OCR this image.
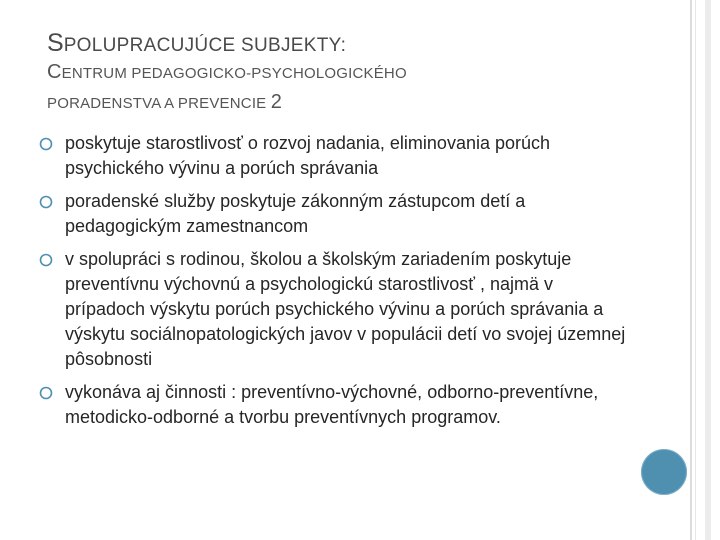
SPOLUPRACUJÚCE SUBJEKTY:

CENTRUM PEDAGOGICKO-PSYCHOLOGICKÉHO
PORADENSTVA A PREVENCIE 2

poskytuje starostlivosť o rozvoj nadania, eliminovania porúch psychického vývinu a porúch správania
poradenské služby poskytuje zákonným zástupcom detí a pedagogickým zamestnancom
v spolupráci s rodinou, školou a školským zariadením poskytuje preventívnu výchovnú a psychologickú starostlivosť , najmä v prípadoch výskytu porúch psychického vývinu a porúch správania a výskytu sociálnopatologických javov v populácii detí vo svojej územnej pôsobnosti
vykonáva aj činnosti : preventívno-výchovné, odborno-preventívne, metodicko-odborné a tvorbu preventívnych programov.
